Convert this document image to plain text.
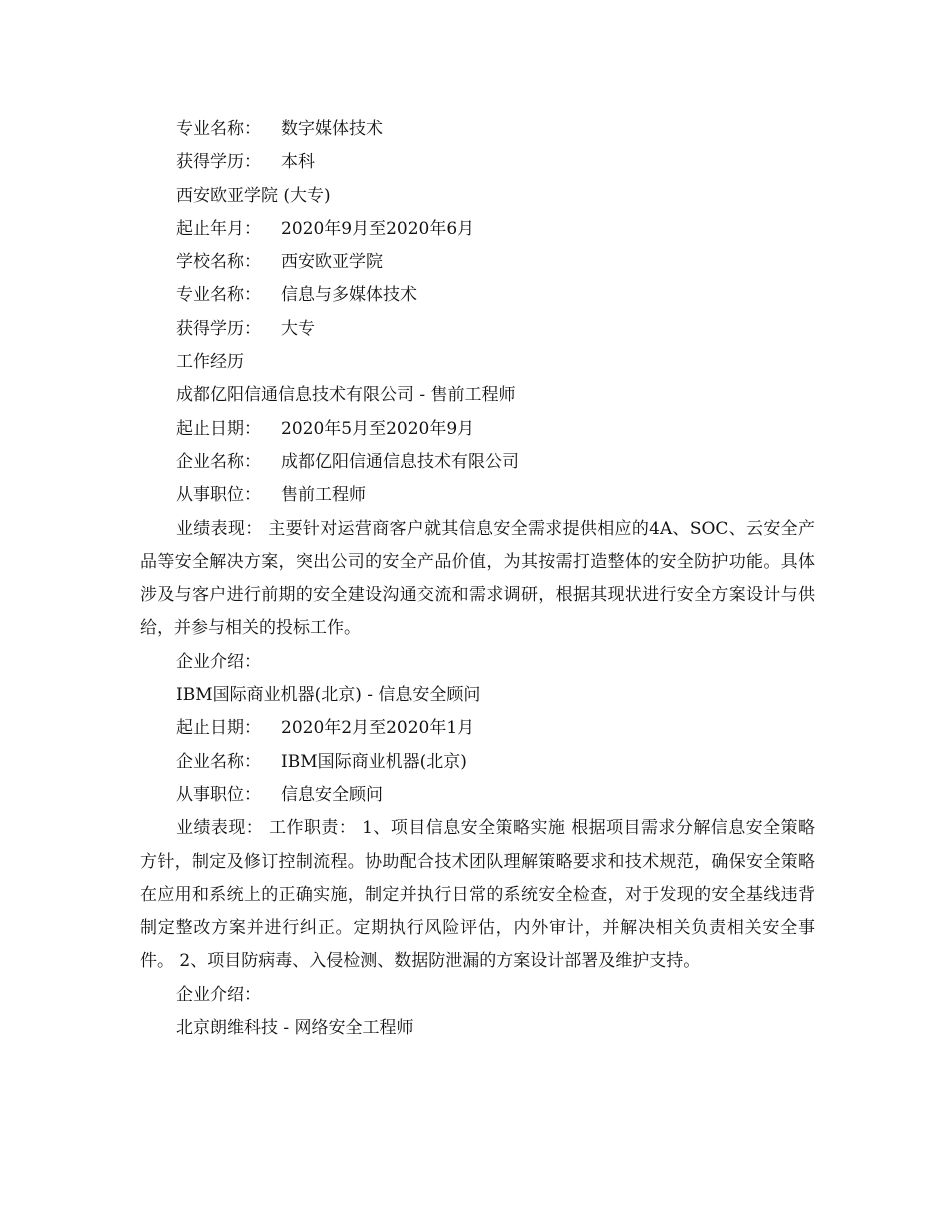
专业名称： 数字媒体技术

获得学历： 本科

西安欧亚学院 (大专)

起止年月： 2020年9月至2020年6月

学校名称： 西安欧亚学院

专业名称： 信息与多媒体技术

获得学历： 大专

工作经历

成都亿阳信通信息技术有限公司 - 售前工程师

起止日期： 2020年5月至2020年9月

企业名称： 成都亿阳信通信息技术有限公司

从事职位： 售前工程师

业绩表现： 主要针对运营商客户就其信息安全需求提供相应的4A、SOC、云安全产品等安全解决方案，突出公司的安全产品价值，为其按需打造整体的安全防护功能。具体涉及与客户进行前期的安全建设沟通交流和需求调研，根据其现状进行安全方案设计与供给，并参与相关的投标工作。

企业介绍：

IBM国际商业机器(北京) - 信息安全顾问

起止日期： 2020年2月至2020年1月

企业名称： IBM国际商业机器(北京)

从事职位： 信息安全顾问

业绩表现： 工作职责： 1、项目信息安全策略实施 根据项目需求分解信息安全策略方针，制定及修订控制流程。协助配合技术团队理解策略要求和技术规范，确保安全策略在应用和系统上的正确实施，制定并执行日常的系统安全检查，对于发现的安全基线违背制定整改方案并进行纠正。定期执行风险评估，内外审计，并解决相关负责相关安全事件。 2、项目防病毒、入侵检测、数据防泄漏的方案设计部署及维护支持。

企业介绍：

北京朗维科技 - 网络安全工程师
